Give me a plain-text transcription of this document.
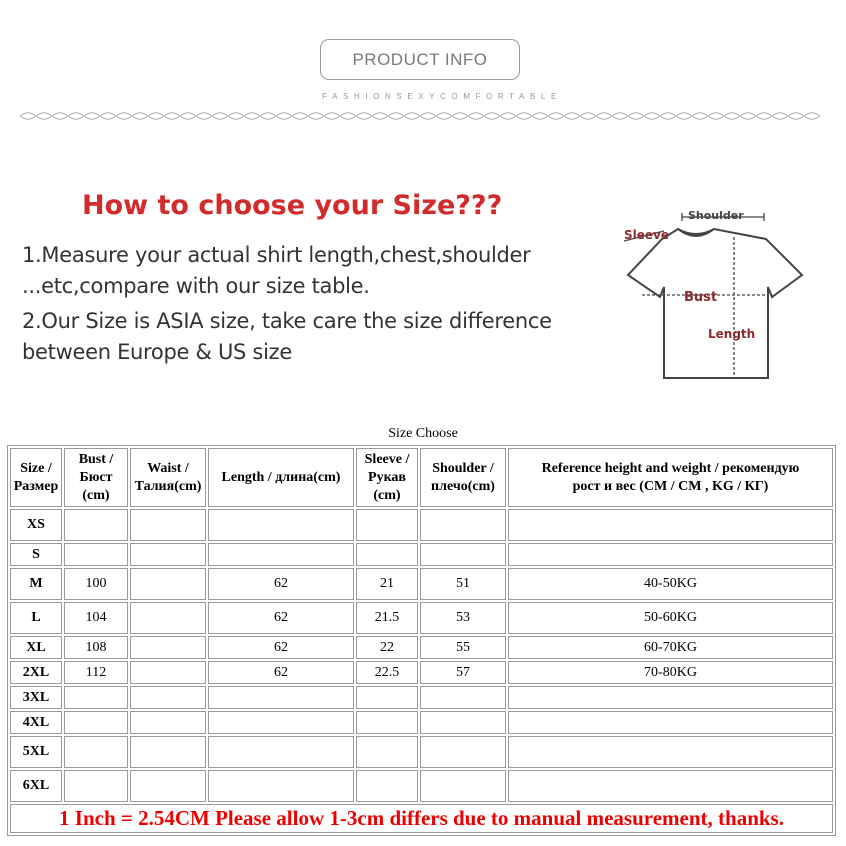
PRODUCT INFO
FASHIONSEXYCOMFORTABLE
How to choose your Size???
1.Measure your actual shirt length,chest,shoulder
...etc,compare with our size table.
2.Our Size is ASIA size, take care the size difference
between Europe & US size
Shoulder
Sleeve
Bust
Length
Size Choose
Size /
Размер	Bust /
Бюст
(cm)	Waist /
Талия(cm)	Length / длина(cm)	Sleeve /
Рукав
(cm)	Shoulder /
плечо(cm)	Reference height and weight / рекомендую
рост и вес (CM / CM , KG / КГ)
XS						
S						
M	100		62	21	51	40-50KG
L	104		62	21.5	53	50-60KG
XL	108		62	22	55	60-70KG
2XL	112		62	22.5	57	70-80KG
3XL						
4XL						
5XL						
6XL						
1 Inch = 2.54CM Please allow 1-3cm differs due to manual measurement, thanks.						
